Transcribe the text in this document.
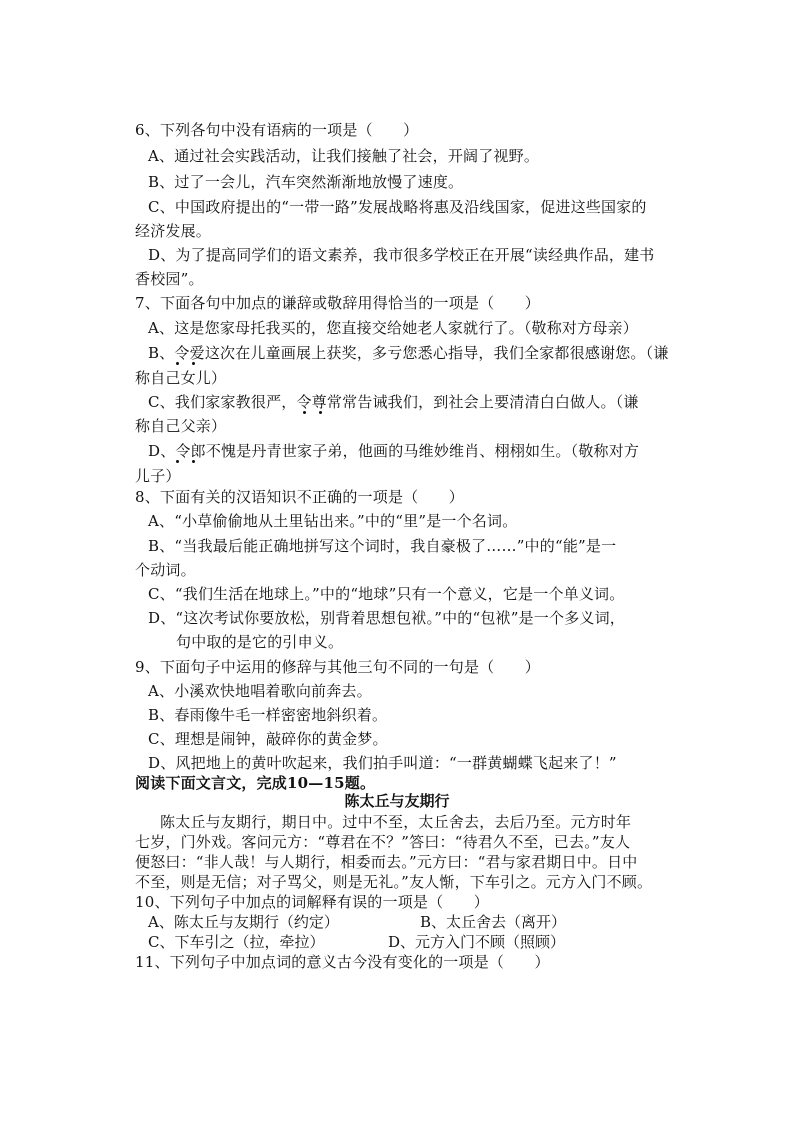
6、下列各句中没有语病的一项是（　　）
A、通过社会实践活动，让我们接触了社会，开阔了视野。
B、过了一会儿，汽车突然渐渐地放慢了速度。
C、中国政府提出的“一带一路”发展战略将惠及沿线国家，促进这些国家的
经济发展。
D、为了提高同学们的语文素养，我市很多学校正在开展“读经典作品，建书
香校园”。
7、下面各句中加点的谦辞或敬辞用得恰当的一项是（　　）
A、这是您家母托我买的，您直接交给她老人家就行了。（敬称对方母亲）
B、令爱这次在儿童画展上获奖，多亏您悉心指导，我们全家都很感谢您。（谦
称自己女儿）
C、我们家家教很严，令尊常常告诫我们，到社会上要清清白白做人。（谦
称自己父亲）
D、令郎不愧是丹青世家子弟，他画的马维妙维肖、栩栩如生。（敬称对方
儿子）
8、下面有关的汉语知识不正确的一项是（　　）
A、“小草偷偷地从土里钻出来。”中的“里”是一个名词。
B、“当我最后能正确地拼写这个词时，我自豪极了……”中的“能”是一
个动词。
C、“我们生活在地球上。”中的“地球”只有一个意义，它是一个单义词。
D、“这次考试你要放松，别背着思想包袱。”中的“包袱”是一个多义词，
句中取的是它的引申义。
9、下面句子中运用的修辞与其他三句不同的一句是（　　）
A、小溪欢快地唱着歌向前奔去。
B、春雨像牛毛一样密密地斜织着。
C、理想是闹钟，敲碎你的黄金梦。
D、风把地上的黄叶吹起来，我们拍手叫道：“一群黄蝴蝶飞起来了！”
阅读下面文言文，完成10—15题。
陈太丘与友期行
陈太丘与友期行，期日中。过中不至，太丘舍去，去后乃至。元方时年
七岁，门外戏。客问元方：“尊君在不？”答曰：“待君久不至，已去。”友人
便怒曰：“非人哉！与人期行，相委而去。”元方曰：“君与家君期日中。日中
不至，则是无信；对子骂父，则是无礼。”友人惭，下车引之。元方入门不顾。
10、下列句子中加点的词解释有误的一项是（　　）
A、陈太丘与友期行（约定）	B、太丘舍去（离开）
C、下车引之（拉，牵拉）	D、元方入门不顾（照顾）
11、下列句子中加点词的意义古今没有变化的一项是（　　）
